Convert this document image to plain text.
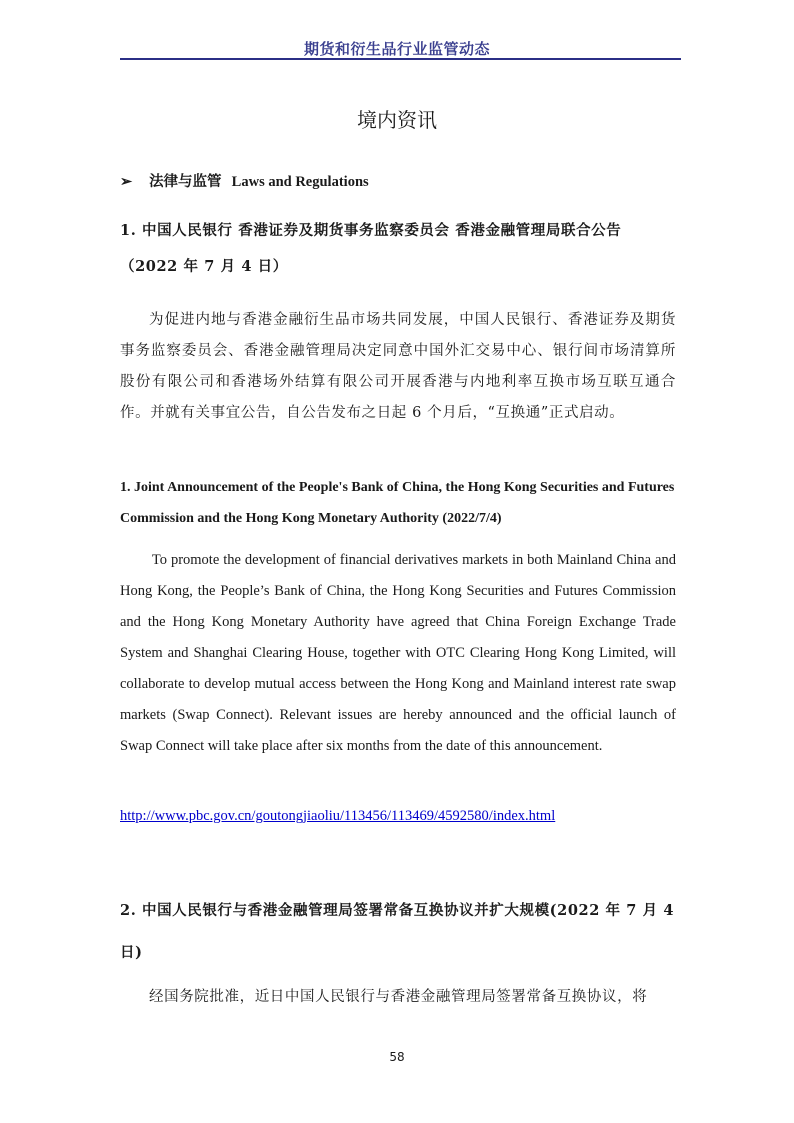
期货和衍生品行业监管动态
境内资讯
➢ 法律与监管 Laws and Regulations
1. 中国人民银行 香港证券及期货事务监察委员会 香港金融管理局联合公告
（2022 年 7 月 4 日）
为促进内地与香港金融衍生品市场共同发展，中国人民银行、香港证券及期货事务监察委员会、香港金融管理局决定同意中国外汇交易中心、银行间市场清算所股份有限公司和香港场外结算有限公司开展香港与内地利率互换市场互联互通合作。并就有关事宜公告，自公告发布之日起 6 个月后，“互换通”正式启动。
1. Joint Announcement of the People's Bank of China, the Hong Kong Securities and Futures Commission and the Hong Kong Monetary Authority (2022/7/4)
To promote the development of financial derivatives markets in both Mainland China and Hong Kong, the People’s Bank of China, the Hong Kong Securities and Futures Commission and the Hong Kong Monetary Authority have agreed that China Foreign Exchange Trade System and Shanghai Clearing House, together with OTC Clearing Hong Kong Limited, will collaborate to develop mutual access between the Hong Kong and Mainland interest rate swap markets (Swap Connect). Relevant issues are hereby announced and the official launch of Swap Connect will take place after six months from the date of this announcement.
http://www.pbc.gov.cn/goutongjiaoliu/113456/113469/4592580/index.html
2. 中国人民银行与香港金融管理局签署常备互换协议并扩大规模(2022 年 7 月 4
日)
经国务院批准，近日中国人民银行与香港金融管理局签署常备互换协议，将
58
